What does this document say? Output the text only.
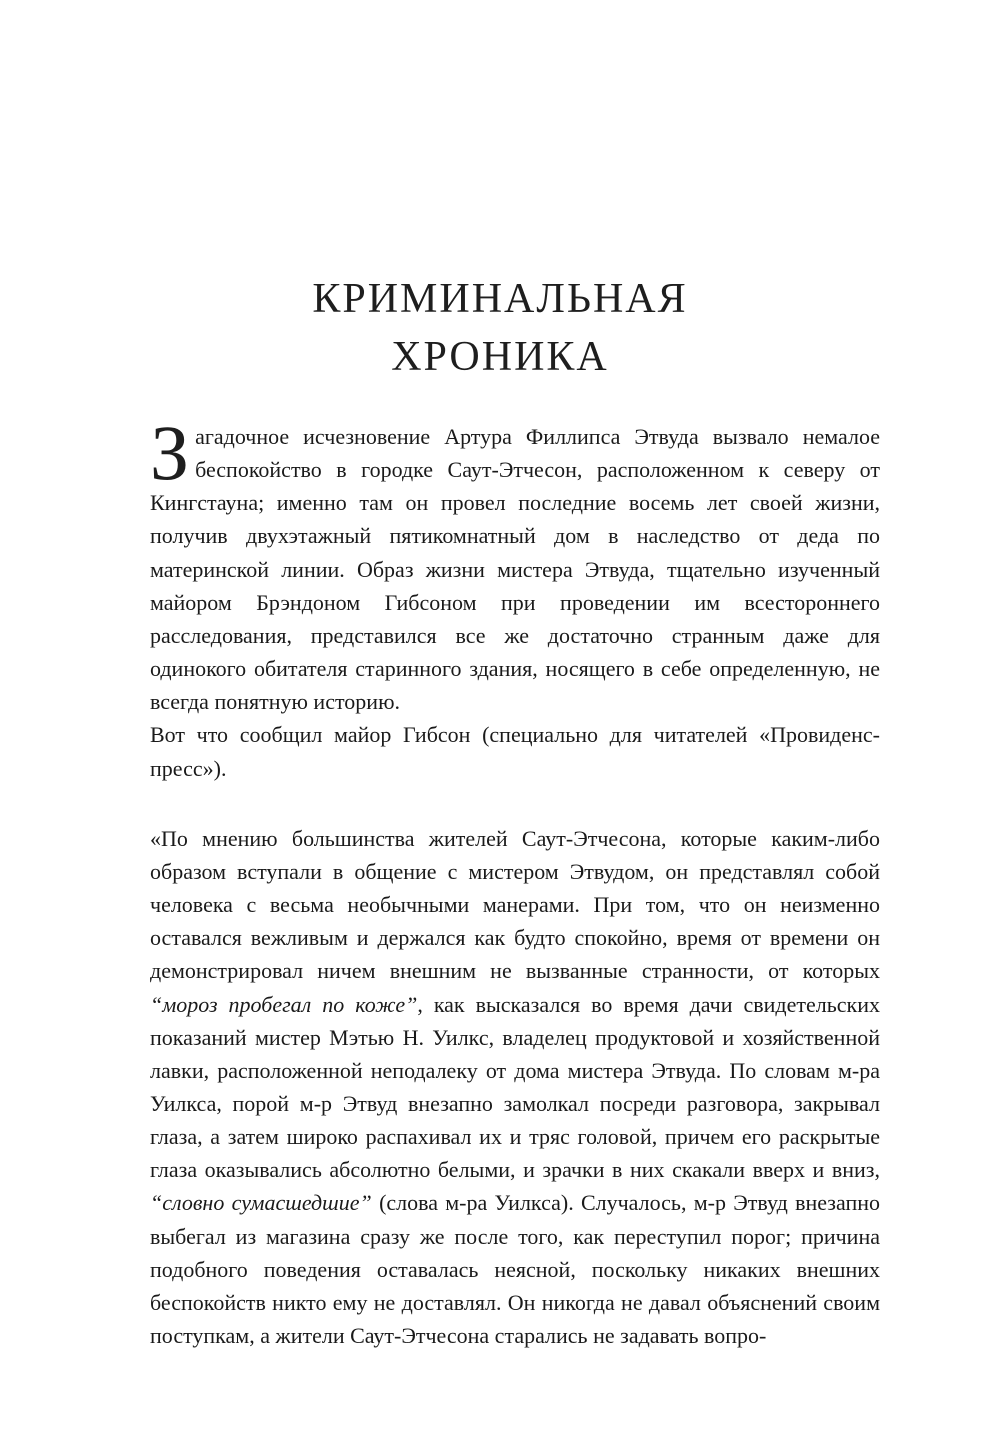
КРИМИНАЛЬНАЯ
ХРОНИКА

Загадочное исчезновение Артура Филлипса Этвуда вызвало немалое беспокойство в городке Саут-Этчесон, расположенном к северу от Кингстауна; именно там он провел последние восемь лет своей жизни, получив двухэтажный пятикомнатный дом в наследство от деда по материнской линии. Образ жизни мистера Этвуда, тщательно изученный майором Брэндоном Гибсоном при проведении им всестороннего расследования, представился все же достаточно странным даже для одинокого обитателя старинного здания, носящего в себе определенную, не всегда понятную историю.

Вот что сообщил майор Гибсон (специально для читателей «Провиденс-пресс»).

«По мнению большинства жителей Саут-Этчесона, которые каким-либо образом вступали в общение с мистером Этвудом, он представлял собой человека с весьма необычными манерами. При том, что он неизменно оставался вежливым и держался как будто спокойно, время от времени он демонстрировал ничем внешним не вызванные странности, от которых “мороз пробегал по коже”, как высказался во время дачи свидетельских показаний мистер Мэтью Н. Уилкс, владелец продуктовой и хозяйственной лавки, расположенной неподалеку от дома мистера Этвуда. По словам м-ра Уилкса, порой м-р Этвуд внезапно замолкал посреди разговора, закрывал глаза, а затем широко распахивал их и тряс головой, причем его раскрытые глаза оказывались абсолютно белыми, и зрачки в них скакали вверх и вниз, “словно сумасшедшие” (слова м-ра Уилкса). Случалось, м-р Этвуд внезапно выбегал из магазина сразу же после того, как переступил порог; причина подобного поведения оставалась неясной, поскольку никаких внешних беспокойств никто ему не доставлял. Он никогда не давал объяснений своим поступкам, а жители Саут-Этчесона старались не задавать вопро-
